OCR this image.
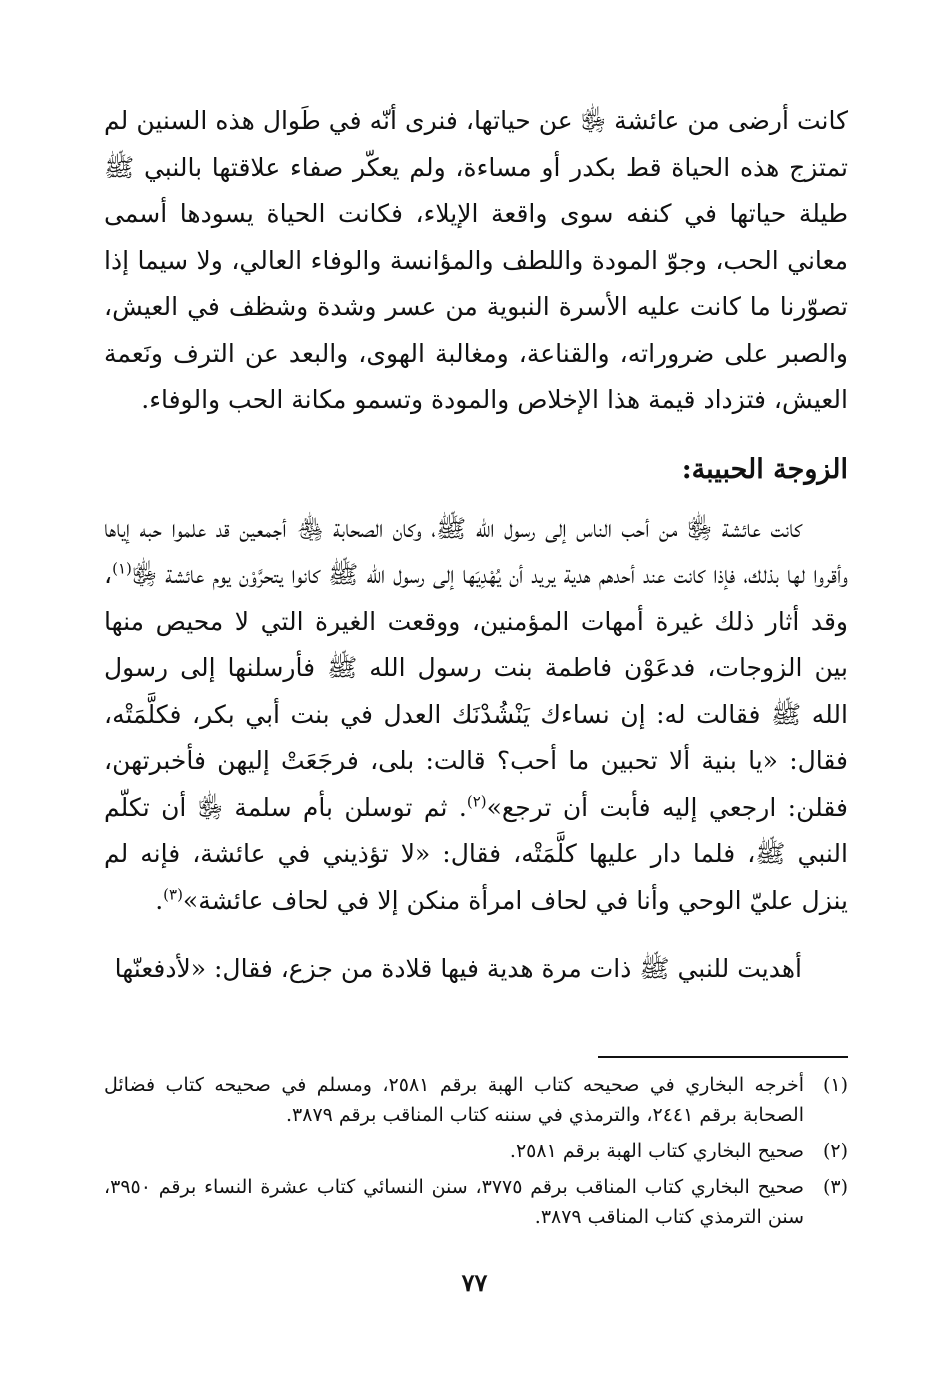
كانت أرضى من عائشة ﵂ عن حياتها، فنرى أنّه في طَوال هذه السنين لم تمتزج هذه الحياة قط بكدر أو مساءة، ولم يعكّر صفاء علاقتها بالنبي ﷺ طيلة حياتها في كنفه سوى واقعة الإيلاء، فكانت الحياة يسودها أسمى معاني الحب، وجوّ المودة واللطف والمؤانسة والوفاء العالي، ولا سيما إذا تصوّرنا ما كانت عليه الأسرة النبوية من عسر وشدة وشظف في العيش، والصبر على ضروراته، والقناعة، ومغالبة الهوى، والبعد عن الترف ونَعمة العيش، فتزداد قيمة هذا الإخلاص والمودة وتسمو مكانة الحب والوفاء.

الزوجة الحبيبة:

كانت عائشة ﵂ من أحب الناس إلى رسول الله ﷺ، وكان الصحابة ﵃ أجمعين قد علموا حبه إياها وأقروا لها بذلك، فإذا كانت عند أحدهم هدية يريد أن يُهْدِيَها إلى رسول الله ﷺ كانوا يتحرَّوْن يوم عائشة ﵂$^{(١)}$، وقد أثار ذلك غيرة أمهات المؤمنين، ووقعت الغيرة التي لا محيص منها بين الزوجات، فدعَوْن فاطمة بنت رسول الله ﷺ فأرسلنها إلى رسول الله ﷺ فقالت له: إن نساءك يَنْشُدْنَك العدل في بنت أبي بكر، فكلَّمَتْه، فقال: «يا بنية ألا تحبين ما أحب؟ قالت: بلى، فرجَعَتْ إليهن فأخبرتهن، فقلن: ارجعي إليه فأبت أن ترجع»$^{(٢)}$. ثم توسلن بأم سلمة ﵂ أن تكلّم النبي ﷺ، فلما دار عليها كلَّمَتْه، فقال: «لا تؤذيني في عائشة، فإنه لم ينزل عليّ الوحي وأنا في لحاف امرأة منكن إلا في لحاف عائشة»$^{(٣)}$.

أهديت للنبي ﷺ ذات مرة هدية فيها قلادة من جزع، فقال: «لأدفعنّها

(١)
أخرجه البخاري في صحيحه كتاب الهبة برقم ٢٥٨١، ومسلم في صحيحه كتاب فضائل الصحابة برقم ٢٤٤١، والترمذي في سننه كتاب المناقب برقم ٣٨٧٩.
(٢)
صحيح البخاري كتاب الهبة برقم ٢٥٨١.
(٣)
صحيح البخاري كتاب المناقب برقم ٣٧٧٥، سنن النسائي كتاب عشرة النساء برقم ٣٩٥٠، سنن الترمذي كتاب المناقب ٣٨٧٩.
٧٧
